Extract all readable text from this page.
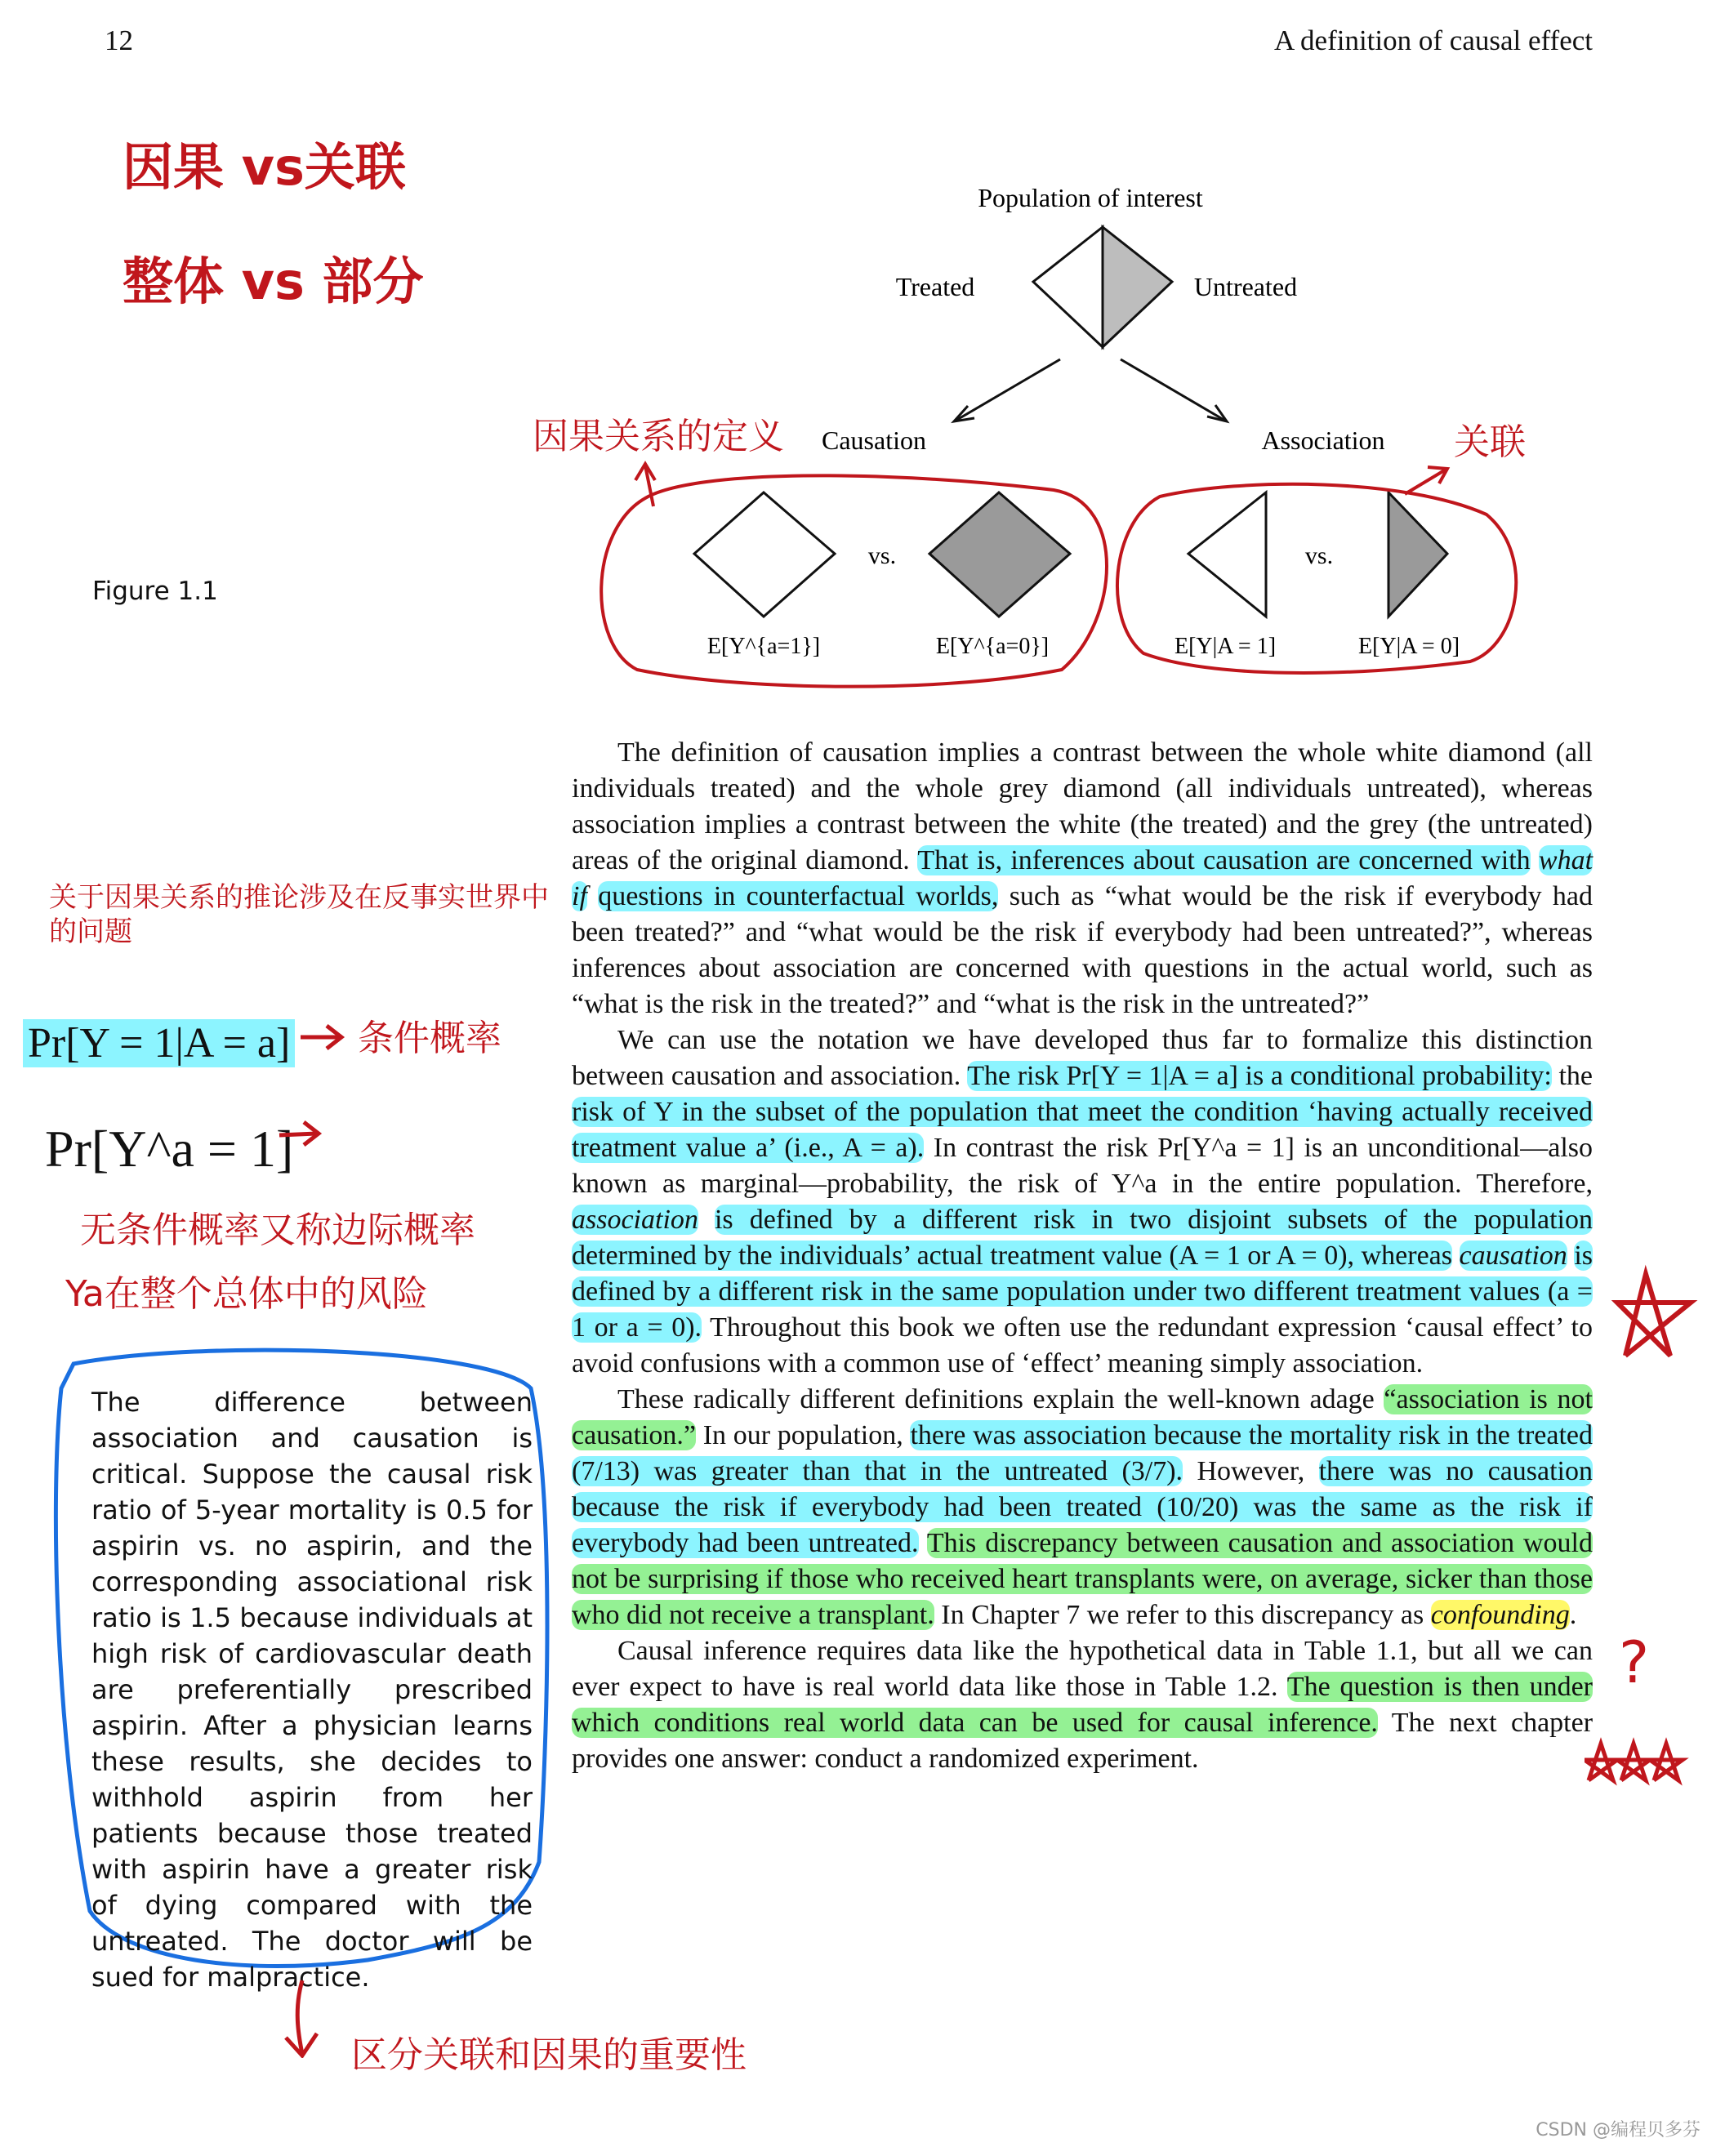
12	A definition of causal effect
Figure 1.1
Population of interest
Treated	Untreated
Causation	Association
vs.
E[Y^{a=1}]	E[Y^{a=0}]
vs.
E[Y|A = 1]	E[Y|A = 0]
因果 vs关联
整体 vs 部分
因果关系的定义	关联
关于因果关系的推论涉及在反事实世界中的问题
Pr[Y = 1|A = a]
Pr[Y^a = 1]
条件概率
无条件概率又称边际概率
Ya在整个总体中的风险
The difference between association and causation is critical. Suppose the causal risk ratio of 5-year mortality is 0.5 for aspirin vs. no aspirin, and the corresponding associational risk ratio is 1.5 because individuals at high risk of cardiovascular death are preferentially prescribed aspirin. After a physician learns these results, she decides to withhold aspirin from her patients because those treated with aspirin have a greater risk of dying compared with the untreated. The doctor will be sued for malpractice.
区分关联和因果的重要性

The definition of causation implies a contrast between the whole white diamond (all individuals treated) and the whole grey diamond (all individuals untreated), whereas association implies a contrast between the white (the treated) and the grey (the untreated) areas of the original diamond. That is, inferences about causation are concerned with what if questions in counterfactual worlds, such as “what would be the risk if everybody had been treated?” and “what would be the risk if everybody had been untreated?”, whereas inferences about association are concerned with questions in the actual world, such as “what is the risk in the treated?” and “what is the risk in the untreated?”

We can use the notation we have developed thus far to formalize this distinction between causation and association. The risk Pr[Y = 1|A = a] is a conditional probability: the risk of Y in the subset of the population that meet the condition ‘having actually received treatment value a’ (i.e., A = a). In contrast the risk Pr[Y^a = 1] is an unconditional—also known as marginal—probability, the risk of Y^a in the entire population. Therefore, association is defined by a different risk in two disjoint subsets of the population determined by the individuals’ actual treatment value (A = 1 or A = 0), whereas causation is defined by a different risk in the same population under two different treatment values (a = 1 or a = 0). Throughout this book we often use the redundant expression ‘causal effect’ to avoid confusions with a common use of ‘effect’ meaning simply association.

These radically different definitions explain the well-known adage “association is not causation.” In our population, there was association because the mortality risk in the treated (7/13) was greater than that in the untreated (3/7). However, there was no causation because the risk if everybody had been treated (10/20) was the same as the risk if everybody had been untreated. This discrepancy between causation and association would not be surprising if those who received heart transplants were, on average, sicker than those who did not receive a transplant. In Chapter 7 we refer to this discrepancy as confounding.

Causal inference requires data like the hypothetical data in Table 1.1, but all we can ever expect to have is real world data like those in Table 1.2. The question is then under which conditions real world data can be used for causal inference. The next chapter provides one answer: conduct a randomized experiment.

?
CSDN @编程贝多芬
